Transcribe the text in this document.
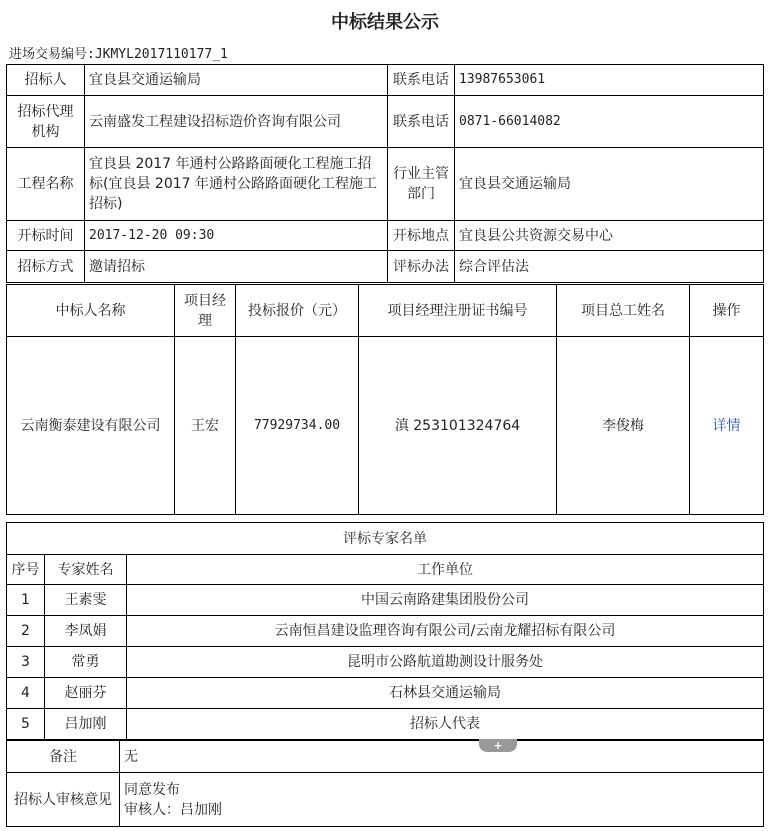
中标结果公示
进场交易编号:JKMYL2017110177_1
招标人	宜良县交通运输局	联系电话	13987653061
招标代理机构	云南盛发工程建设招标造价咨询有限公司	联系电话	0871-66014082
工程名称	宜良县 2017 年通村公路路面硬化工程施工招标(宜良县 2017 年通村公路路面硬化工程施工招标)	行业主管部门	宜良县交通运输局
开标时间	2017-12-20 09:30	开标地点	宜良县公共资源交易中心
招标方式	邀请招标	评标办法	综合评估法
中标人名称	项目经理	投标报价（元）	项目经理注册证书编号	项目总工姓名	操作
云南衡泰建设有限公司	王宏	77929734.00	滇 253101324764	李俊梅	详情
评标专家名单		
序号	专家姓名	工作单位
1	王素雯	中国云南路建集团股份公司
2	李凤娟	云南恒昌建设监理咨询有限公司/云南龙耀招标有限公司
3	常勇	昆明市公路航道勘测设计服务处
4	赵丽芬	石林县交通运输局
5	吕加刚	招标人代表
备注	无
招标人审核意见	同意发布
审核人：吕加刚
+
